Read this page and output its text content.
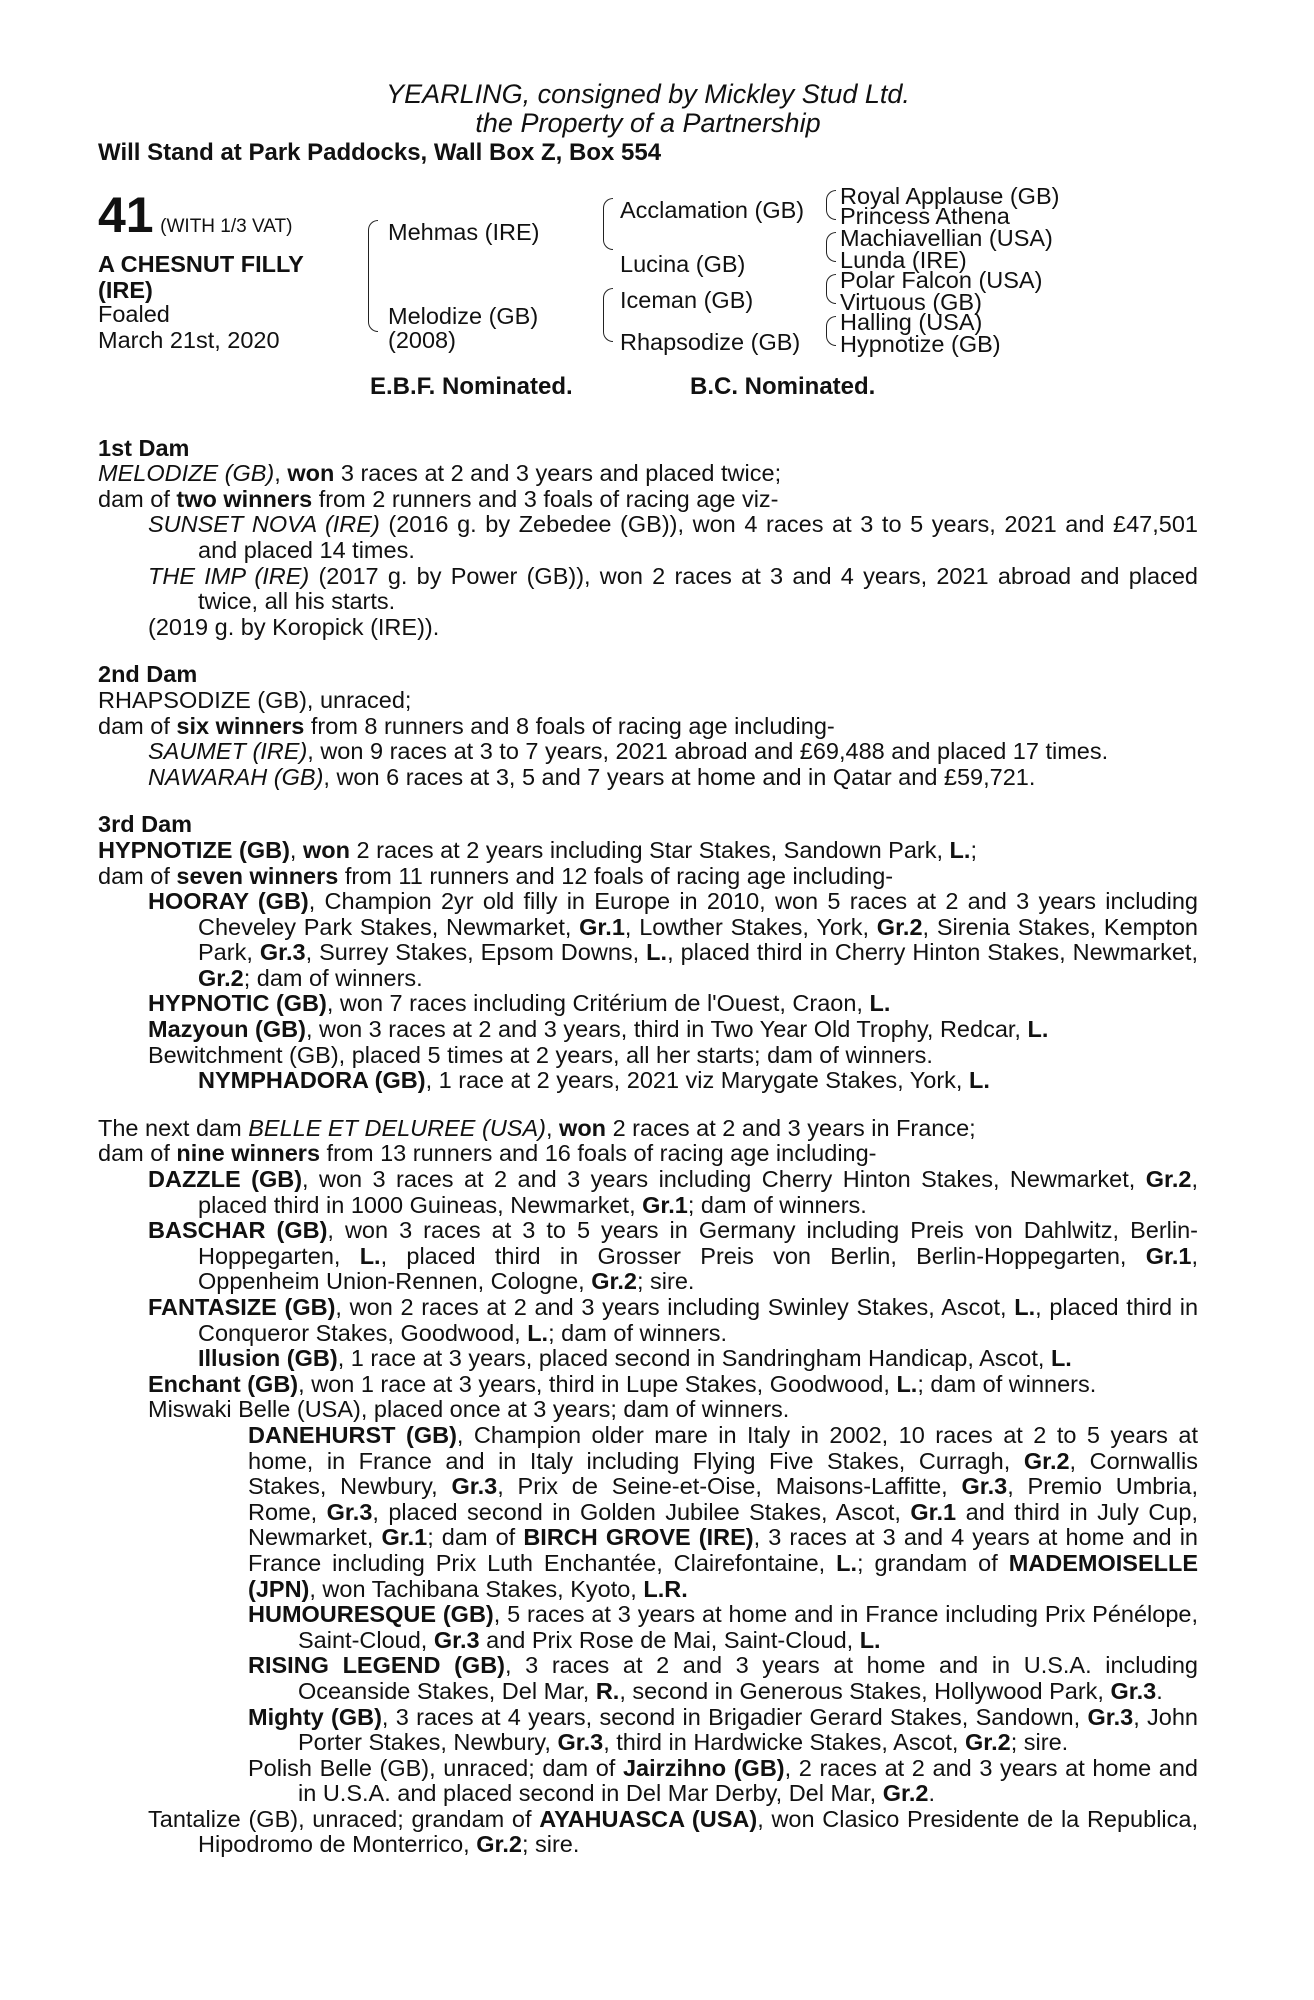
YEARLING, consigned by Mickley Stud Ltd.
the Property of a Partnership
Will Stand at Park Paddocks, Wall Box Z, Box 554
41 (WITH 1/3 VAT)
A CHESNUT FILLY
(IRE)
Foaled
March 21st, 2020
Mehmas (IRE)
Melodize (GB)
(2008)
Acclamation (GB)
Lucina (GB)
Iceman (GB)
Rhapsodize (GB)
Royal Applause (GB)
Princess Athena
Machiavellian (USA)
Lunda (IRE)
Polar Falcon (USA)
Virtuous (GB)
Halling (USA)
Hypnotize (GB)
E.B.F. Nominated.	B.C. Nominated.

1st Dam

MELODIZE (GB), won 3 races at 2 and 3 years and placed twice;

dam of two winners from 2 runners and 3 foals of racing age viz-

SUNSET NOVA (IRE) (2016 g. by Zebedee (GB)), won 4 races at 3 to 5 years, 2021 and £47,501 and placed 14 times.

THE IMP (IRE) (2017 g. by Power (GB)), won 2 races at 3 and 4 years, 2021 abroad and placed twice, all his starts.

(2019 g. by Koropick (IRE)).

2nd Dam

RHAPSODIZE (GB), unraced;

dam of six winners from 8 runners and 8 foals of racing age including-

SAUMET (IRE), won 9 races at 3 to 7 years, 2021 abroad and £69,488 and placed 17 times.

NAWARAH (GB), won 6 races at 3, 5 and 7 years at home and in Qatar and £59,721.

3rd Dam

HYPNOTIZE (GB), won 2 races at 2 years including Star Stakes, Sandown Park, L.;

dam of seven winners from 11 runners and 12 foals of racing age including-

HOORAY (GB), Champion 2yr old filly in Europe in 2010, won 5 races at 2 and 3 years including Cheveley Park Stakes, Newmarket, Gr.1, Lowther Stakes, York, Gr.2, Sirenia Stakes, Kempton Park, Gr.3, Surrey Stakes, Epsom Downs, L., placed third in Cherry Hinton Stakes, Newmarket, Gr.2; dam of winners.

HYPNOTIC (GB), won 7 races including Critérium de l'Ouest, Craon, L.

Mazyoun (GB), won 3 races at 2 and 3 years, third in Two Year Old Trophy, Redcar, L.

Bewitchment (GB), placed 5 times at 2 years, all her starts; dam of winners.

NYMPHADORA (GB), 1 race at 2 years, 2021 viz Marygate Stakes, York, L.

The next dam BELLE ET DELUREE (USA), won 2 races at 2 and 3 years in France;

dam of nine winners from 13 runners and 16 foals of racing age including-

DAZZLE (GB), won 3 races at 2 and 3 years including Cherry Hinton Stakes, Newmarket, Gr.2, placed third in 1000 Guineas, Newmarket, Gr.1; dam of winners.

BASCHAR (GB), won 3 races at 3 to 5 years in Germany including Preis von Dahlwitz, Berlin-Hoppegarten, L., placed third in Grosser Preis von Berlin, Berlin-Hoppegarten, Gr.1, Oppenheim Union-Rennen, Cologne, Gr.2; sire.

FANTASIZE (GB), won 2 races at 2 and 3 years including Swinley Stakes, Ascot, L., placed third in Conqueror Stakes, Goodwood, L.; dam of winners.

Illusion (GB), 1 race at 3 years, placed second in Sandringham Handicap, Ascot, L.

Enchant (GB), won 1 race at 3 years, third in Lupe Stakes, Goodwood, L.; dam of winners.

Miswaki Belle (USA), placed once at 3 years; dam of winners.

DANEHURST (GB), Champion older mare in Italy in 2002, 10 races at 2 to 5 years at home, in France and in Italy including Flying Five Stakes, Curragh, Gr.2, Cornwallis Stakes, Newbury, Gr.3, Prix de Seine-et-Oise, Maisons-Laffitte, Gr.3, Premio Umbria, Rome, Gr.3, placed second in Golden Jubilee Stakes, Ascot, Gr.1 and third in July Cup, Newmarket, Gr.1; dam of BIRCH GROVE (IRE), 3 races at 3 and 4 years at home and in France including Prix Luth Enchantée, Clairefontaine, L.; grandam of MADEMOISELLE (JPN), won Tachibana Stakes, Kyoto, L.R.

HUMOURESQUE (GB), 5 races at 3 years at home and in France including Prix Pénélope, Saint-Cloud, Gr.3 and Prix Rose de Mai, Saint-Cloud, L.

RISING LEGEND (GB), 3 races at 2 and 3 years at home and in U.S.A. including Oceanside Stakes, Del Mar, R., second in Generous Stakes, Hollywood Park, Gr.3.

Mighty (GB), 3 races at 4 years, second in Brigadier Gerard Stakes, Sandown, Gr.3, John Porter Stakes, Newbury, Gr.3, third in Hardwicke Stakes, Ascot, Gr.2; sire.

Polish Belle (GB), unraced; dam of Jairzihno (GB), 2 races at 2 and 3 years at home and in U.S.A. and placed second in Del Mar Derby, Del Mar, Gr.2.

Tantalize (GB), unraced; grandam of AYAHUASCA (USA), won Clasico Presidente de la Republica, Hipodromo de Monterrico, Gr.2; sire.
